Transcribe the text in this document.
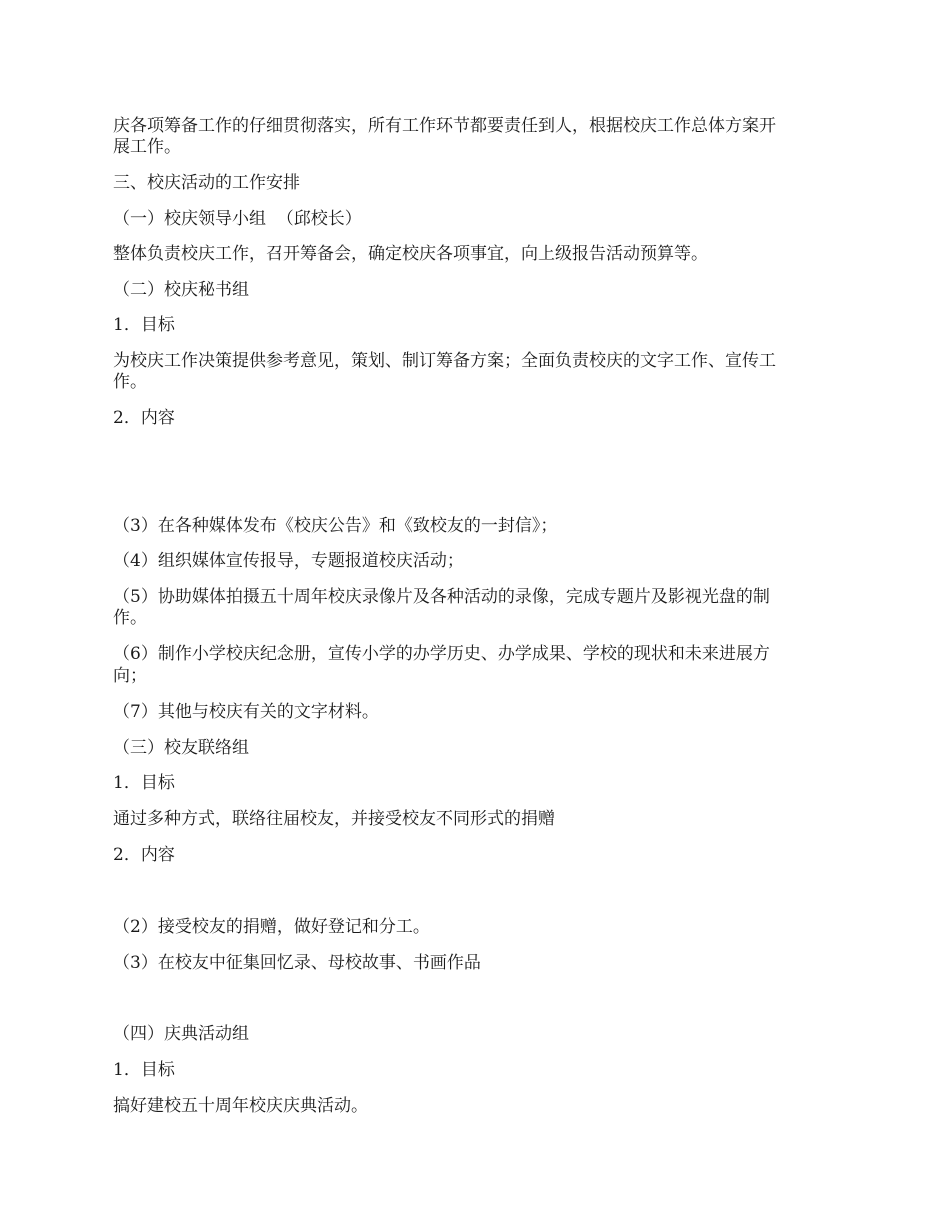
庆各项筹备工作的仔细贯彻落实，所有工作环节都要责任到人，根据校庆工作总体方案开

展工作。

三、校庆活动的工作安排

（一）校庆领导小组  （邱校长）

整体负责校庆工作，召开筹备会，确定校庆各项事宜，向上级报告活动预算等。

（二）校庆秘书组

1．目标

为校庆工作决策提供参考意见，策划、制订筹备方案；全面负责校庆的文字工作、宣传工

作。

2．内容

（3）在各种媒体发布《校庆公告》和《致校友的一封信》；

（4）组织媒体宣传报导，专题报道校庆活动；

（5）协助媒体拍摄五十周年校庆录像片及各种活动的录像，完成专题片及影视光盘的制

作。

（6）制作小学校庆纪念册，宣传小学的办学历史、办学成果、学校的现状和未来进展方

向；

（7）其他与校庆有关的文字材料。

（三）校友联络组

1．目标

通过多种方式，联络往届校友，并接受校友不同形式的捐赠

2．内容

（2）接受校友的捐赠，做好登记和分工。

（3）在校友中征集回忆录、母校故事、书画作品

（四）庆典活动组

1．目标

搞好建校五十周年校庆庆典活动。
